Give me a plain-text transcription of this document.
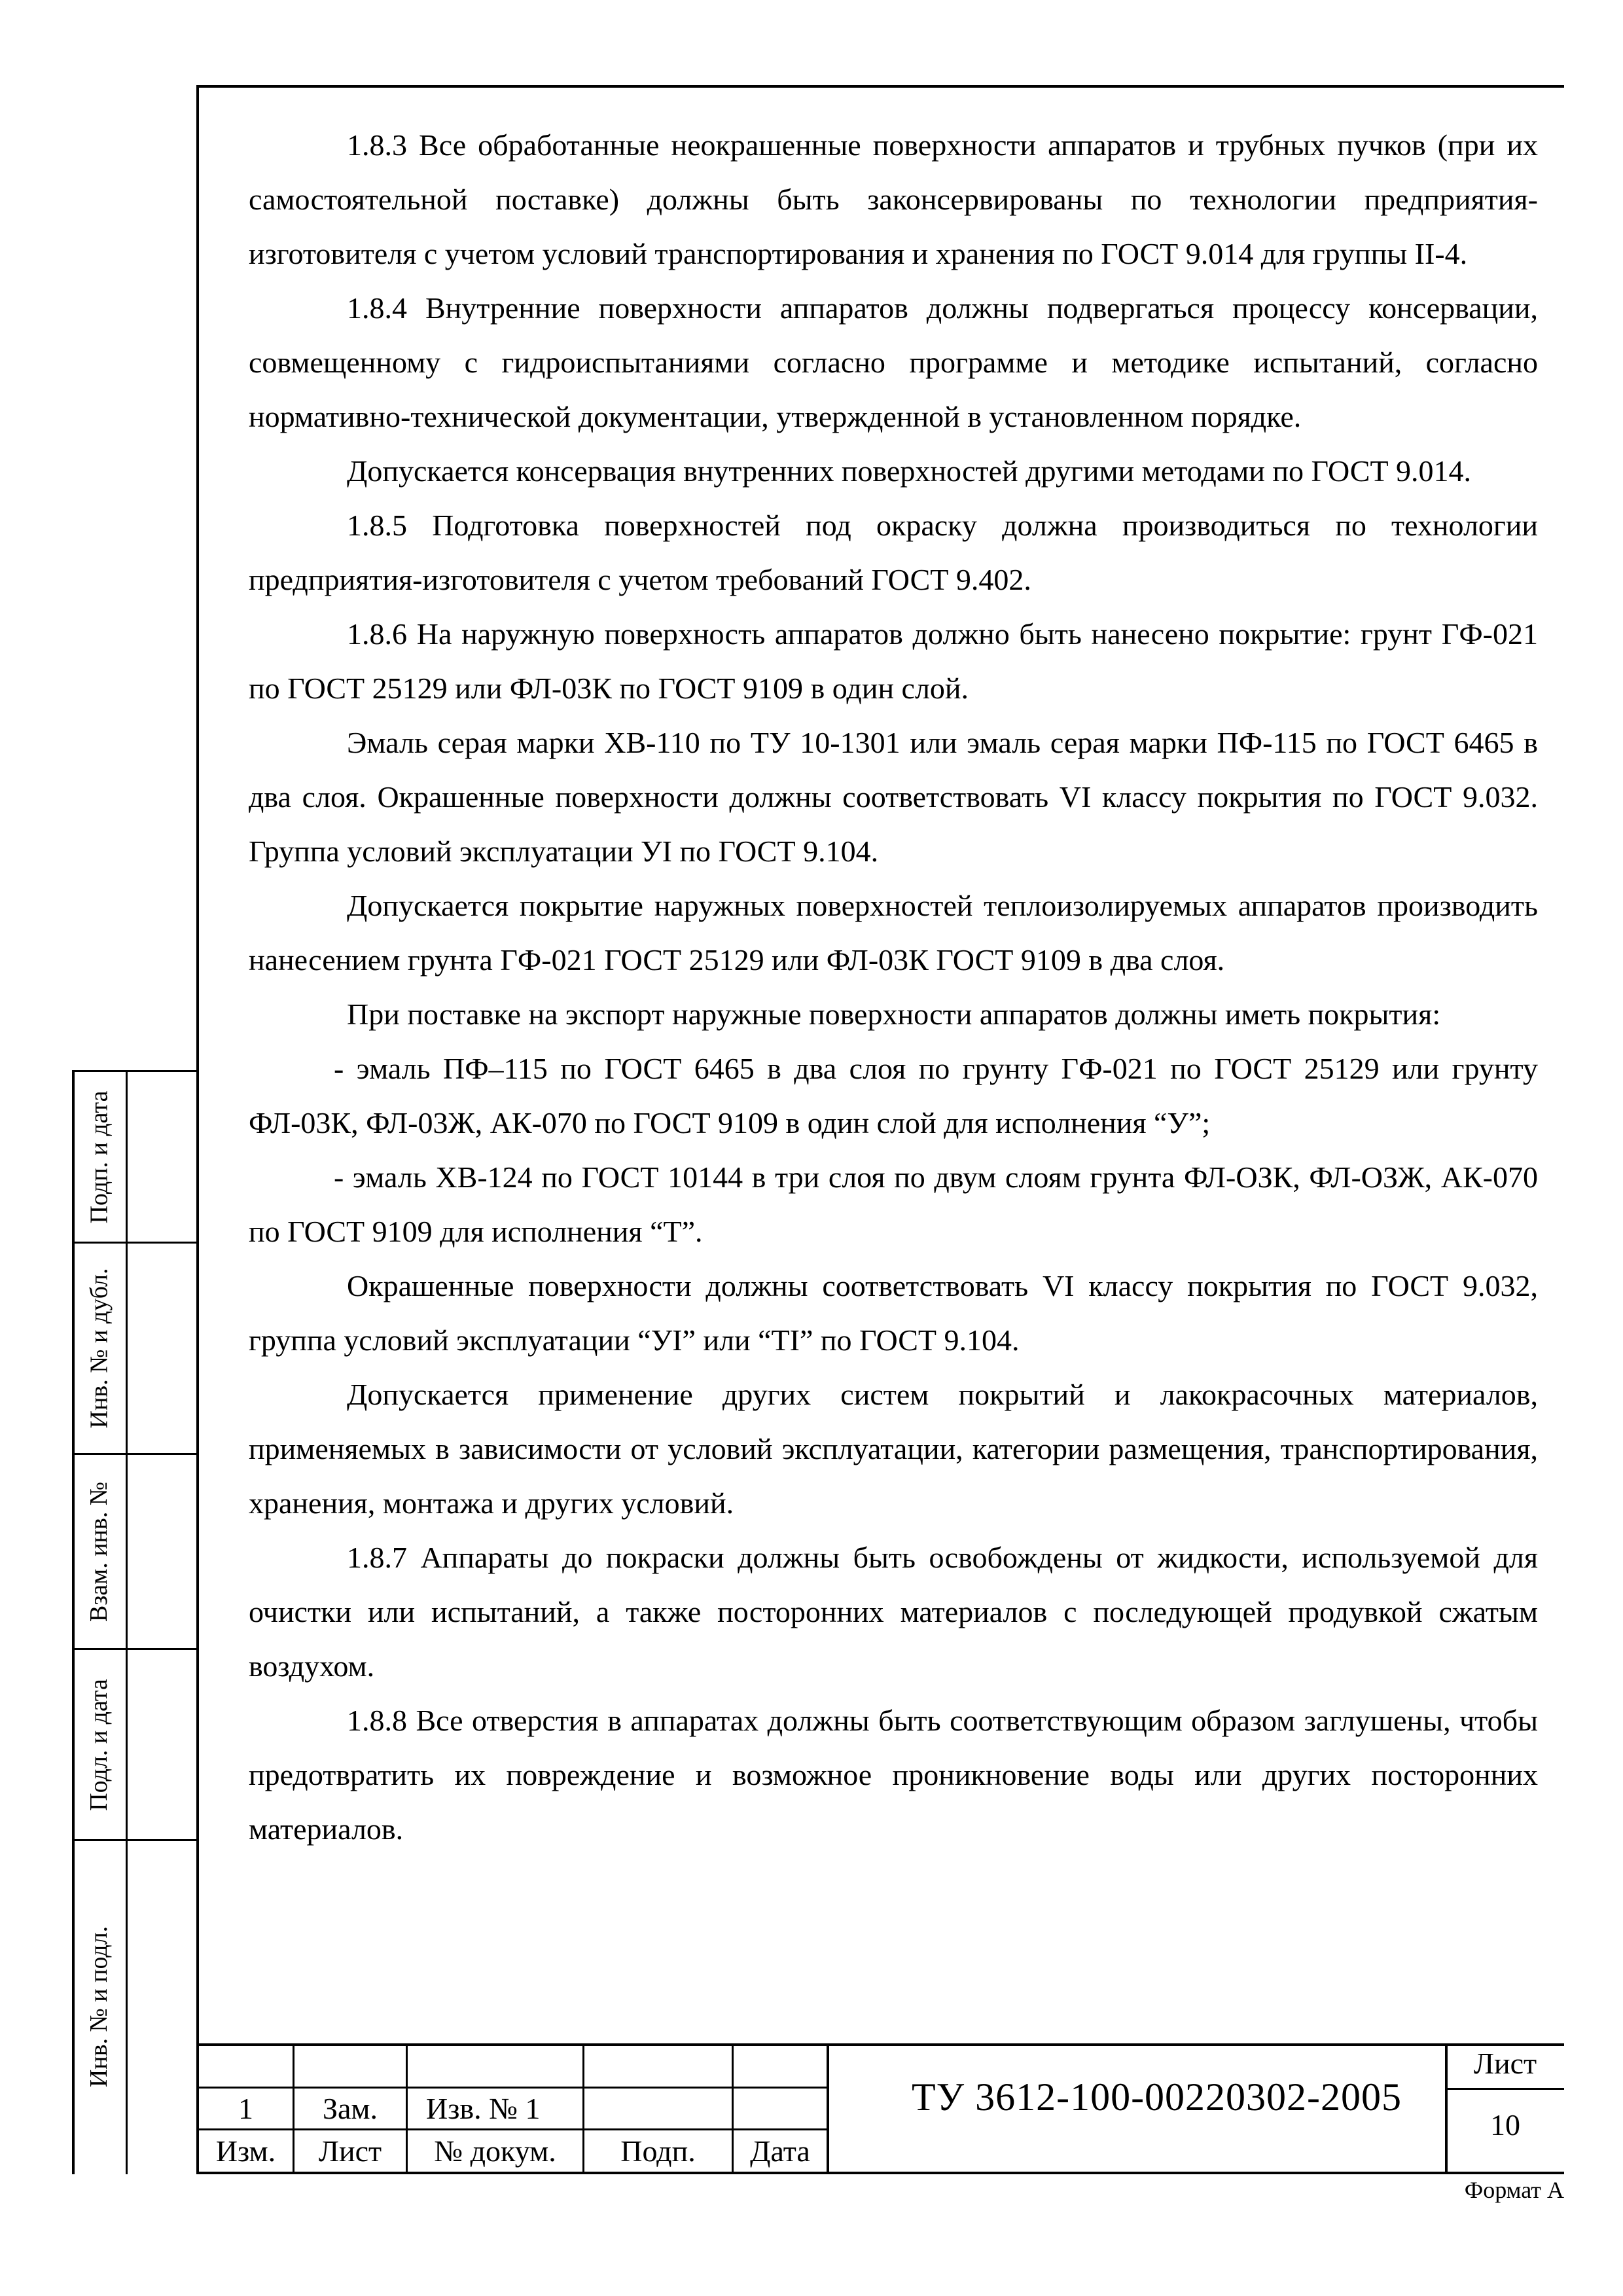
Подп. и дата
Инв. № и дубл.
Взам. инв. №
Подл. и дата
Инв. № и подл.

1.8.3 Все обработанные неокрашенные поверхности аппаратов и трубных пучков (при их самостоятельной поставке) должны быть законсервированы по технологии предприятия-изготовителя с учетом условий транспортирования и хранения по ГОСТ 9.014 для группы II-4.

1.8.4 Внутренние поверхности аппаратов должны подвергаться процессу консервации, совмещенному с гидроиспытаниями согласно программе и методике испытаний, согласно нормативно-технической документации, утвержденной в установленном порядке.

Допускается консервация внутренних поверхностей другими методами по ГОСТ 9.014.

1.8.5 Подготовка поверхностей под окраску должна производиться по технологии предприятия-изготовителя с учетом требований ГОСТ 9.402.

1.8.6 На наружную поверхность аппаратов должно быть нанесено покрытие: грунт ГФ-021 по ГОСТ 25129 или ФЛ-03К по ГОСТ 9109 в один слой.

Эмаль серая марки ХВ-110 по ТУ 10-1301 или эмаль серая марки ПФ-115 по ГОСТ 6465 в два слоя. Окрашенные поверхности должны соответствовать VI классу покрытия по ГОСТ 9.032. Группа условий эксплуатации УI по ГОСТ 9.104.

Допускается покрытие наружных поверхностей теплоизолируемых аппаратов производить нанесением грунта ГФ-021 ГОСТ 25129 или ФЛ-03К ГОСТ 9109 в два слоя.

При поставке на экспорт наружные поверхности аппаратов должны иметь покрытия:

- эмаль ПФ–115 по ГОСТ 6465 в два слоя по грунту ГФ-021 по ГОСТ 25129 или грунту ФЛ-03К, ФЛ-03Ж, АК-070 по ГОСТ 9109 в один слой для исполнения “У”;

- эмаль ХВ-124 по ГОСТ 10144 в три слоя по двум слоям грунта ФЛ-ОЗК, ФЛ-ОЗЖ, АК-070 по ГОСТ 9109 для исполнения “Т”.

Окрашенные поверхности должны соответствовать VI классу покрытия по ГОСТ 9.032, группа условий эксплуатации “УI” или “ТI” по ГОСТ 9.104.

Допускается применение других систем покрытий и лакокрасочных материалов, применяемых в зависимости от условий эксплуатации, категории размещения, транспортирования, хранения, монтажа и других условий.

1.8.7 Аппараты до покраски должны быть освобождены от жидкости, используемой для очистки или испытаний, а также посторонних материалов с последующей продувкой сжатым воздухом.

1.8.8 Все отверстия в аппаратах должны быть соответствующим образом заглушены, чтобы предотвратить их повреждение и возможное проникновение воды или других посторонних материалов.

1	Зам.	Изв. № 1
Изм.	Лист	№ докум.	Подп.	Дата
ТУ 3612-100-00220302-2005
Лист
10
Формат А
